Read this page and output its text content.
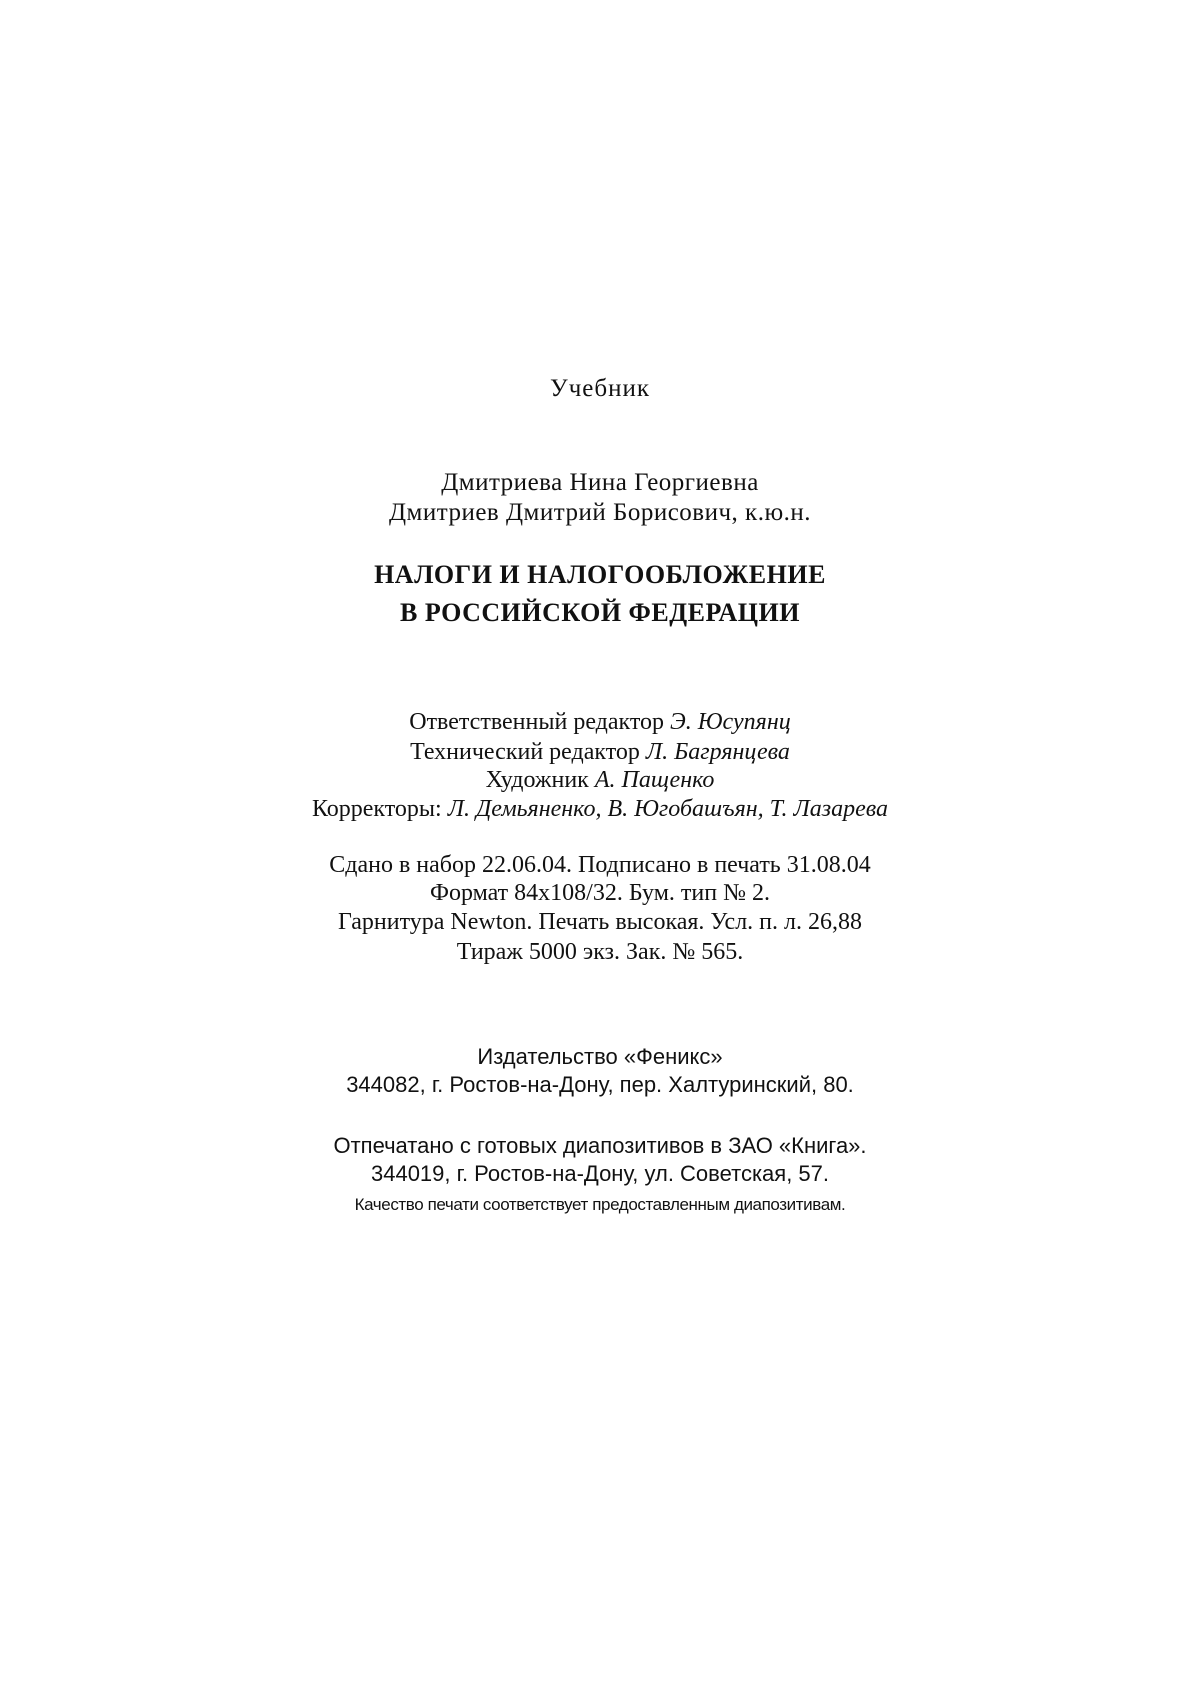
Учебник
Дмитриева Нина Георгиевна
Дмитриев Дмитрий Борисович, к.ю.н.
НАЛОГИ И НАЛОГООБЛОЖЕНИЕ
В РОССИЙСКОЙ ФЕДЕРАЦИИ
Ответственный редактор Э. Юсупянц
Технический редактор Л. Багрянцева
Художник А. Пащенко
Корректоры: Л. Демьяненко, В. Югобашъян, Т. Лазарева
Сдано в набор 22.06.04. Подписано в печать 31.08.04
Формат 84x108/32. Бум. тип № 2.
Гарнитура Newton. Печать высокая. Усл. п. л. 26,88
Тираж 5000 экз. Зак. № 565.
Издательство «Феникс»
344082, г. Ростов-на-Дону, пер. Халтуринский, 80.
Отпечатано с готовых диапозитивов в ЗАО «Книга».
344019, г. Ростов-на-Дону, ул. Советская, 57.
Качество печати соответствует предоставленным диапозитивам.
